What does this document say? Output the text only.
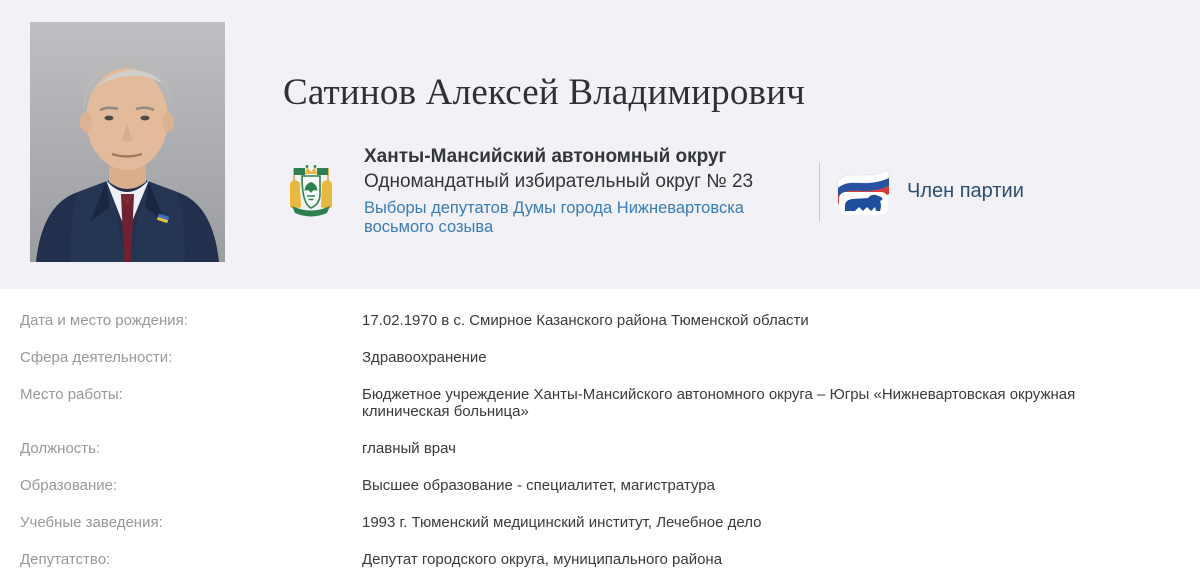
Сатинов Алексей Владимирович
Ханты-Мансийский автономный округ
Одномандатный избирательный округ № 23
Выборы депутатов Думы города Нижневартовска восьмого созыва
Член партии
Дата и место рождения:	17.02.1970 в с. Смирное Казанского района Тюменской области
Сфера деятельности:	Здравоохранение
Место работы:	Бюджетное учреждение Ханты-Мансийского автономного округа – Югры «Нижневартовская окружная клиническая больница»
Должность:	главный врач
Образование:	Высшее образование - специалитет, магистратура
Учебные заведения:	1993 г. Тюменский медицинский институт, Лечебное дело
Депутатство:	Депутат городского округа, муниципального района
